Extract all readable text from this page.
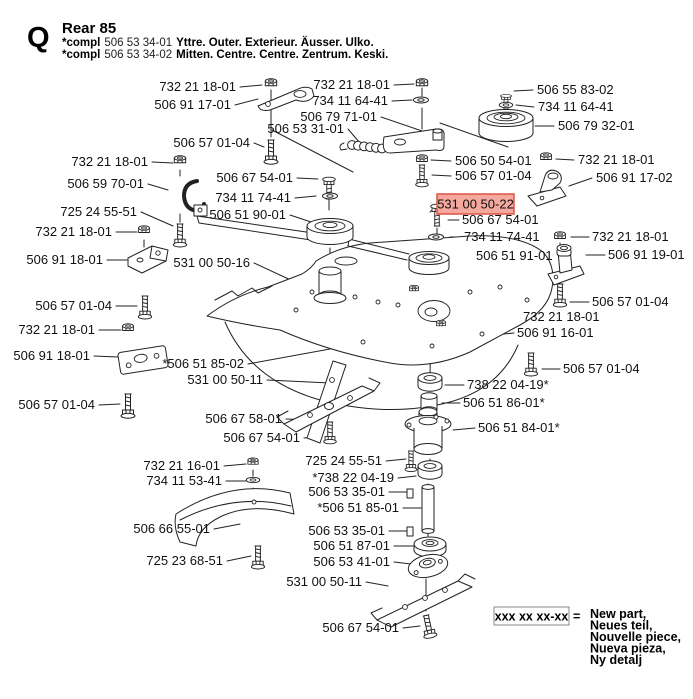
Q Rear 85
*compl 506 53 34-01 Yttre. Outer. Exterieur. Äusser. Ulko.
*compl 506 53 34-02 Mitten. Centre. Centre. Zentrum. Keski.
531 00 50-22
732 21 18-01
506 91 17-01
506 57 01-04
732 21 18-01
734 11 64-41
506 79 71-01
506 53 31-01
506 67 54-01
506 55 83-02
734 11 64-41
506 79 32-01
506 50 54-01
506 57 01-04
732 21 18-01
506 91 17-02
732 21 18-01
506 59 70-01
725 24 55-51
732 21 18-01
506 91 18-01	531 00 50-16
734 11 74-41
506 51 90-01	506 67 54-01
734 11 74-41	732 21 18-01
506 51 91-01	506 91 19-01
506 57 01-04
732 21 18-01
506 91 16-01
506 57 01-04
732 21 18-01
506 91 18-01
*506 51 85-02
531 00 50-11
506 57 01-04
506 67 58-01
506 67 54-01
506 57 01-04
738 22 04-19*
506 51 86-01*
506 51 84-01*
732 21 16-01
734 11 53-41
506 66 55-01
725 23 68-51
725 24 55-51
*738 22 04-19
506 53 35-01
*506 51 85-01
506 53 35-01
506 51 87-01
506 53 41-01
531 00 50-11
506 67 54-01
xxx xx xx-xx = New part,
Neues teil,
Nouvelle piece,
Nueva pieza,
Ny detalj
